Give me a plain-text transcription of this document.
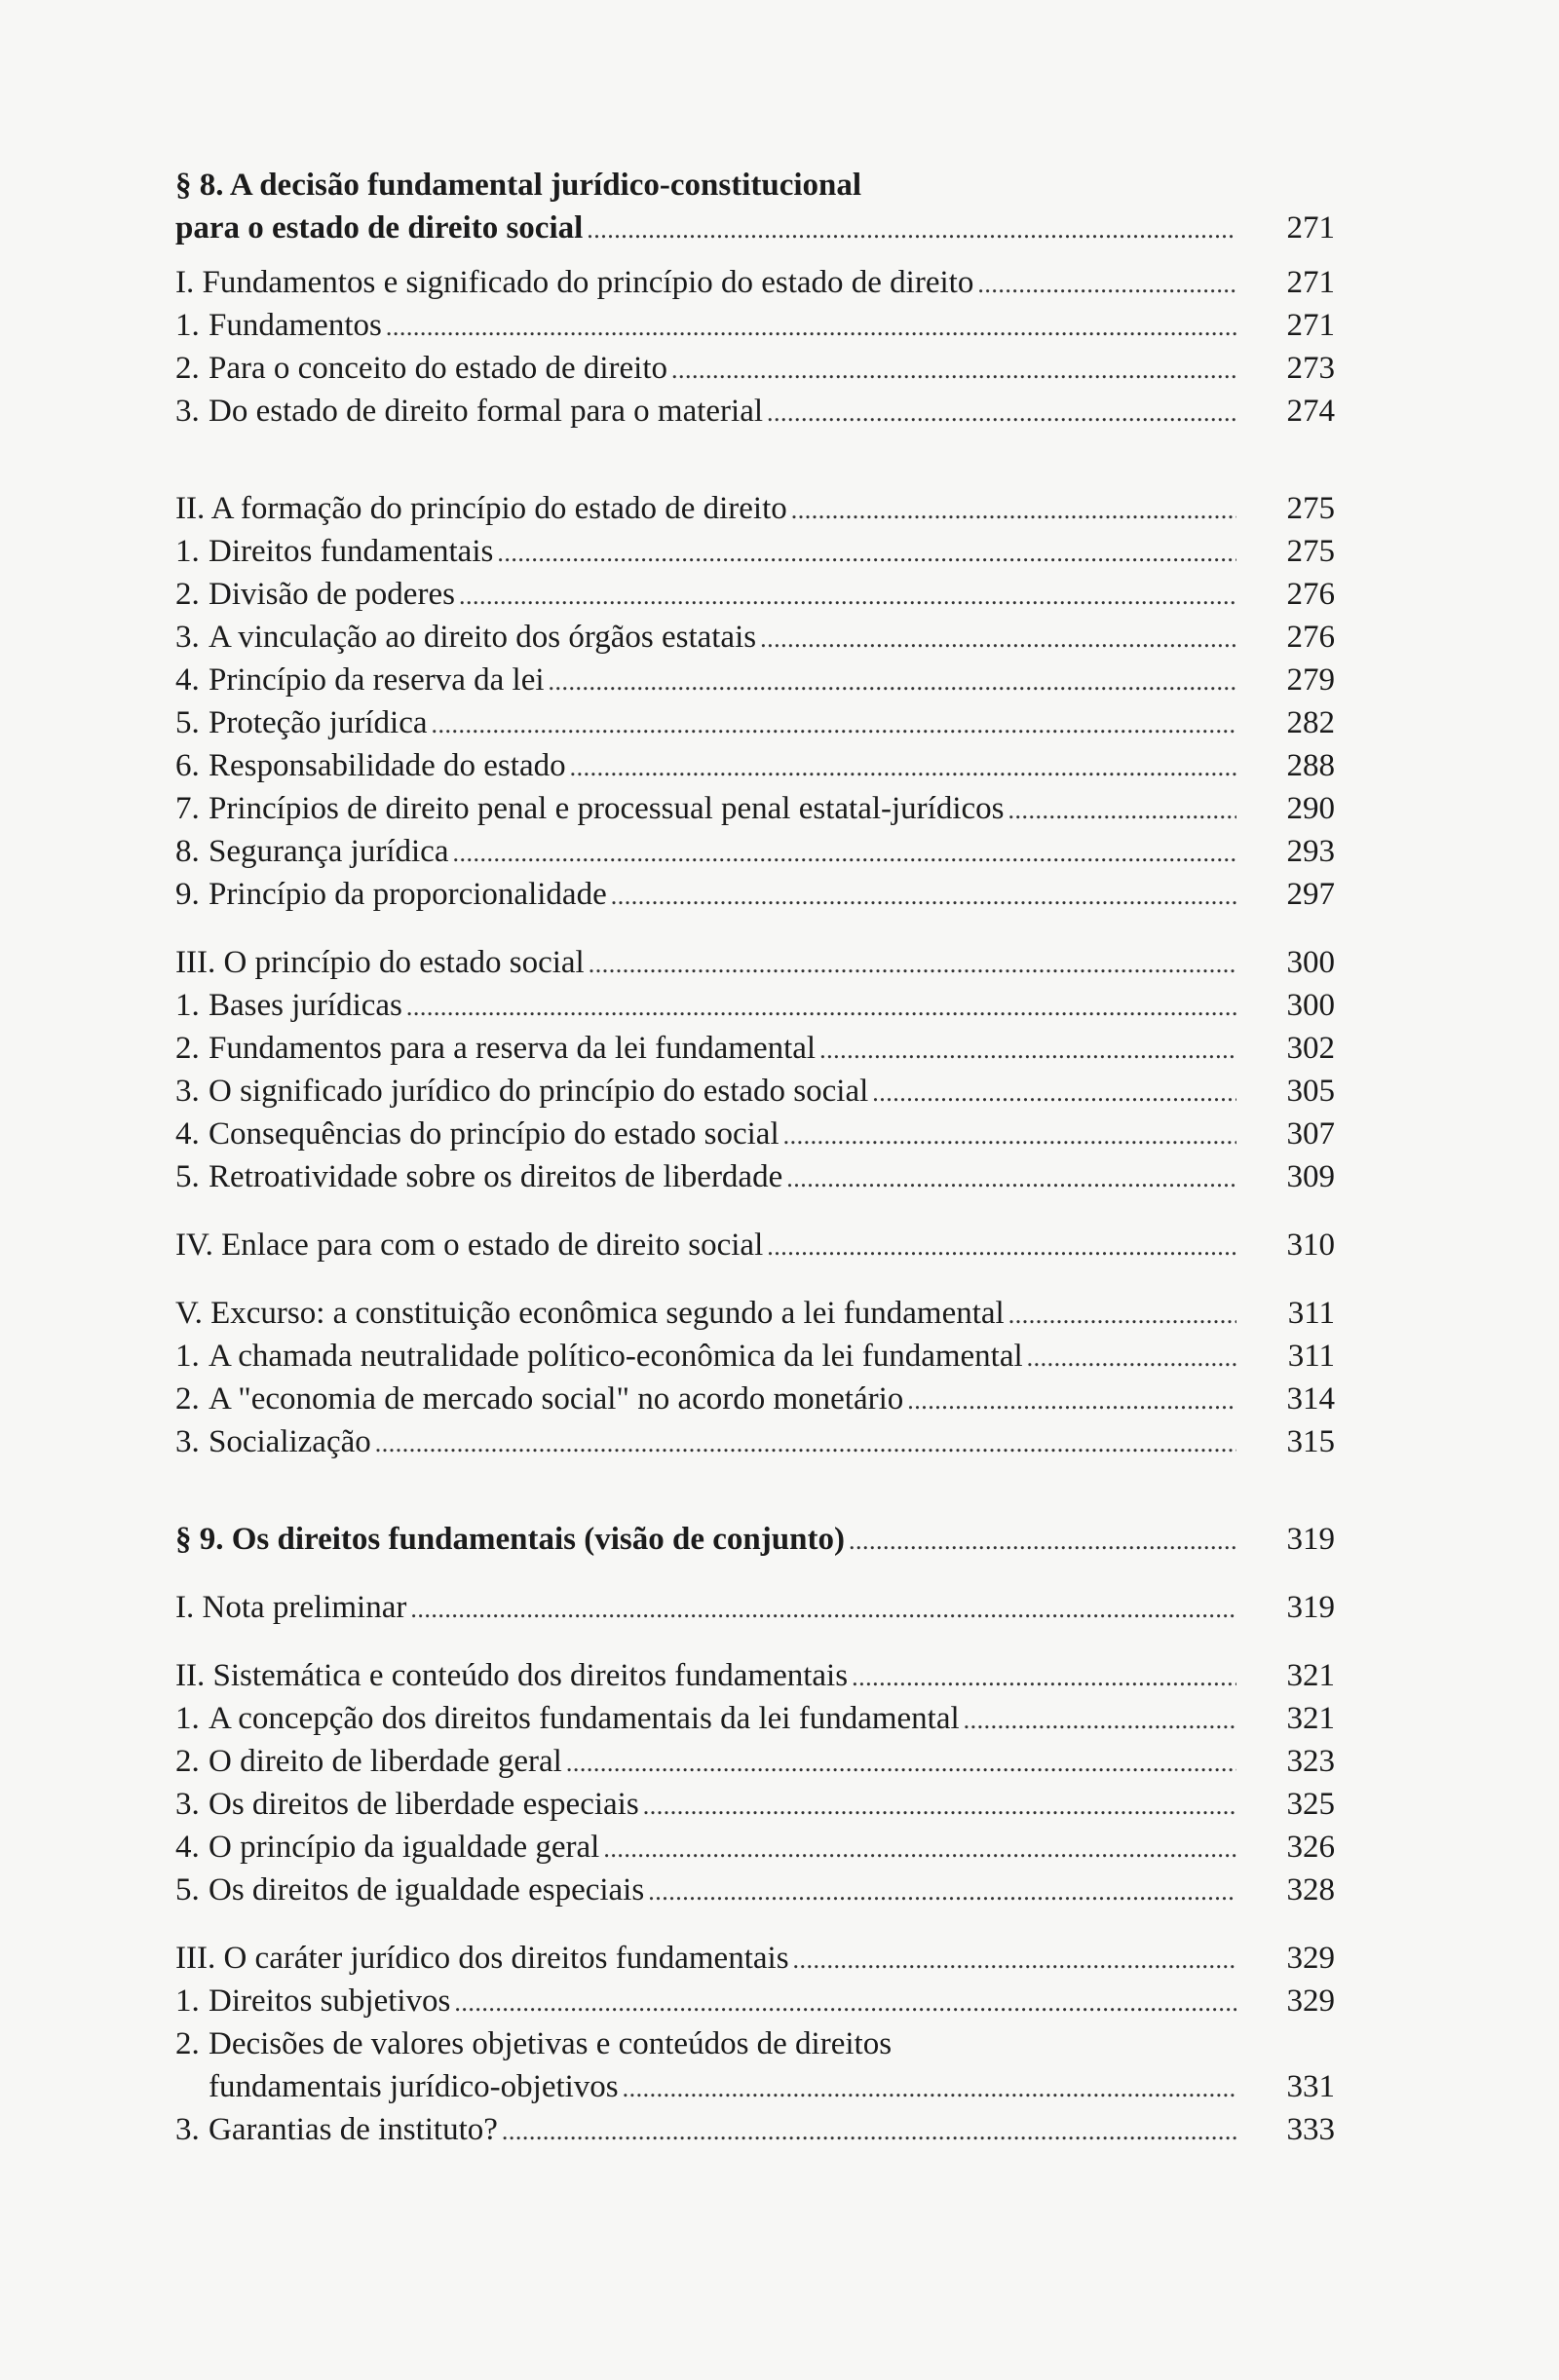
§ 8. A decisão fundamental jurídico-constitucional
para o estado de direito social . . .	271
I. Fundamentos e significado do princípio do estado de direito . . .	271
1. Fundamentos . . .	271
2. Para o conceito do estado de direito . . .	273
3. Do estado de direito formal para o material . . .	274
II. A formação do princípio do estado de direito . . .	275
1. Direitos fundamentais . . .	275
2. Divisão de poderes . . .	276
3. A vinculação ao direito dos órgãos estatais . . .	276
4. Princípio da reserva da lei . . .	279
5. Proteção jurídica . . .	282
6. Responsabilidade do estado . . .	288
7. Princípios de direito penal e processual penal estatal-jurídicos . . .	290
8. Segurança jurídica . . .	293
9. Princípio da proporcionalidade . . .	297
III. O princípio do estado social . . .	300
1. Bases jurídicas . . .	300
2. Fundamentos para a reserva da lei fundamental . . .	302
3. O significado jurídico do princípio do estado social . . .	305
4. Consequências do princípio do estado social . . .	307
5. Retroatividade sobre os direitos de liberdade . . .	309
IV. Enlace para com o estado de direito social . . .	310
V. Excurso: a constituição econômica segundo a lei fundamental . . .	311
1. A chamada neutralidade político-econômica da lei fundamental . . .	311
2. A "economia de mercado social" no acordo monetário . . .	314
3. Socialização . . .	315
§ 9. Os direitos fundamentais (visão de conjunto) . . .	319
I. Nota preliminar . . .	319
II. Sistemática e conteúdo dos direitos fundamentais . . .	321
1. A concepção dos direitos fundamentais da lei fundamental . . .	321
2. O direito de liberdade geral . . .	323
3. Os direitos de liberdade especiais . . .	325
4. O princípio da igualdade geral . . .	326
5. Os direitos de igualdade especiais . . .	328
III. O caráter jurídico dos direitos fundamentais . . .	329
1. Direitos subjetivos . . .	329
2. Decisões de valores objetivas e conteúdos de direitos
fundamentais jurídico-objetivos . . .	331
3. Garantias de instituto? . . .	333
